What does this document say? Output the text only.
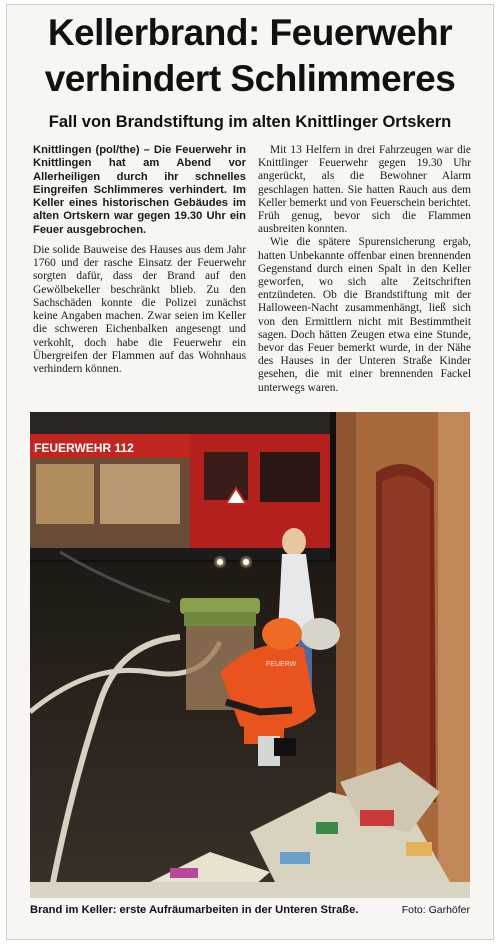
Kellerbrand: Feuerwehr
verhindert Schlimmeres
Fall von Brandstiftung im alten Knittlinger Ortskern

Knittlingen (pol/the) – Die Feuerwehr in Knittlingen hat am Abend vor Allerheiligen durch ihr schnelles Eingreifen Schlimmeres verhindert. Im Keller eines historischen Gebäudes im alten Ortskern war gegen 19.30 Uhr ein Feuer ausgebrochen.

Die solide Bauweise des Hauses aus dem Jahr 1760 und der rasche Einsatz der Feuerwehr sorgten dafür, dass der Brand auf den Gewölbekeller beschränkt blieb. Zu den Sachschäden konnte die Polizei zunächst keine Angaben machen. Zwar seien im Keller die schweren Eichenbalken angesengt und verkohlt, doch habe die Feuerwehr ein Übergreifen der Flammen auf das Wohnhaus verhindern können.

Mit 13 Helfern in drei Fahrzeugen war die Knittlinger Feuerwehr gegen 19.30 Uhr angerückt, als die Bewohner Alarm geschlagen hatten. Sie hatten Rauch aus dem Keller bemerkt und von Feuerschein berichtet. Früh genug, bevor sich die Flammen ausbreiten konnten.

Wie die spätere Spurensicherung ergab, hatten Unbekannte offenbar einen brennenden Gegenstand durch einen Spalt in den Keller geworfen, wo sich alte Zeitschriften entzündeten. Ob die Brandstiftung mit der Halloween-Nacht zusammenhängt, ließ sich von den Ermittlern nicht mit Bestimmtheit sagen. Doch hätten Zeugen etwa eine Stunde, bevor das Feuer bemerkt wurde, in der Nähe des Hauses in der Unteren Straße Kinder gesehen, die mit einer brennenden Fackel unterwegs waren.

FEUERWEHR 112
FEUERW
Brand im Keller: erste Aufräumarbeiten in der Unteren Straße.	Foto: Garhöfer
